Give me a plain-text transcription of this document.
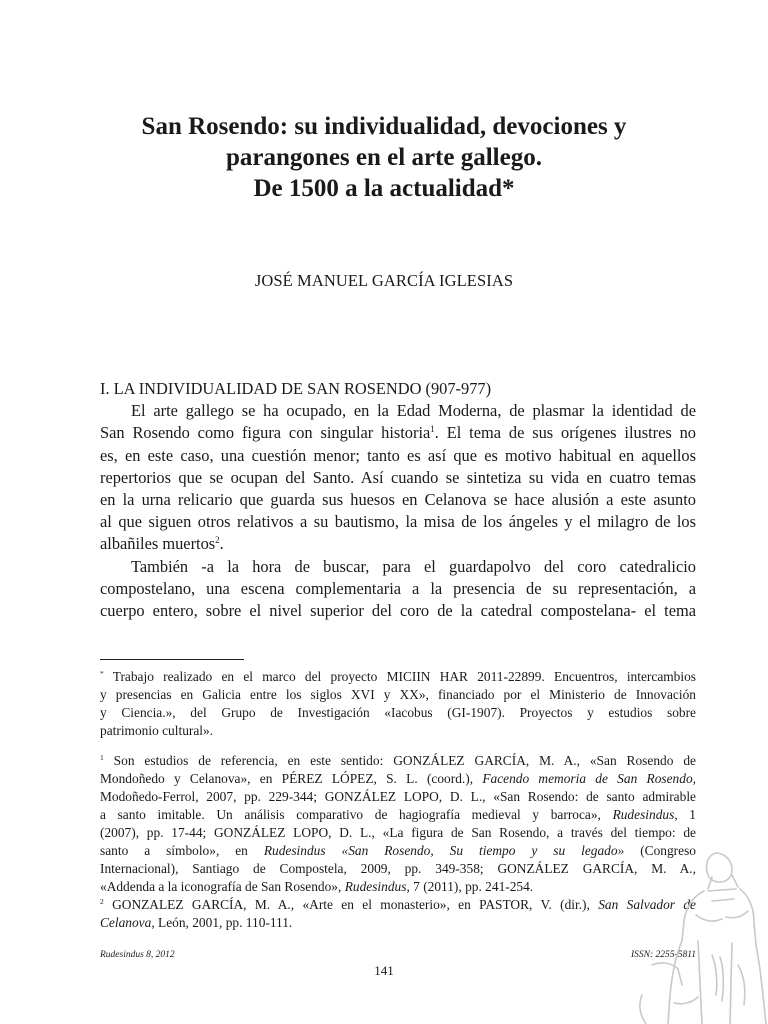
San Rosendo: su individualidad, devociones y
parangones en el arte gallego.
De 1500 a la actualidad*

JOSÉ MANUEL GARCÍA IGLESIAS

I. LA INDIVIDUALIDAD DE SAN ROSENDO (907-977)

El arte gallego se ha ocupado, en la Edad Moderna, de plasmar la identidad de
San Rosendo como figura con singular historia$^1$. El tema de sus orígenes ilustres no
es, en este caso, una cuestión menor; tanto es así que es motivo habitual en aquellos
repertorios que se ocupan del Santo. Así cuando se sintetiza su vida en cuatro temas
en la urna relicario que guarda sus huesos en Celanova se hace alusión a este asunto
al que siguen otros relativos a su bautismo, la misa de los ángeles y el milagro de los
albañiles muertos$^2$.

También -a la hora de buscar, para el guardapolvo del coro catedralicio
compostelano, una escena complementaria a la presencia de su representación, a
cuerpo entero, sobre el nivel superior del coro de la catedral compostelana- el tema

* Trabajo realizado en el marco del proyecto MICIIN HAR 2011-22899. Encuentros, intercambios
y presencias en Galicia entre los siglos XVI y XX», financiado por el Ministerio de Innovación
y Ciencia.», del Grupo de Investigación «Iacobus (GI-1907). Proyectos y estudios sobre
patrimonio cultural».
$^1$ Son estudios de referencia, en este sentido: GONZÁLEZ GARCÍA, M. A., «San Rosendo de
Mondoñedo y Celanova», en PÉREZ LÓPEZ, S. L. (coord.), Facendo memoria de San Rosendo,
Modoñedo-Ferrol, 2007, pp. 229-344; GONZÁLEZ LOPO, D. L., «San Rosendo: de santo admirable
a santo imitable. Un análisis comparativo de hagiografía medieval y barroca», Rudesindus, 1
(2007), pp. 17-44; GONZÁLEZ LOPO, D. L., «La figura de San Rosendo, a través del tiempo: de
santo a símbolo», en Rudesindus «San Rosendo, Su tiempo y su legado» (Congreso
Internacional), Santiago de Compostela, 2009, pp. 349-358; GONZÁLEZ GARCÍA, M. A.,
«Addenda a la iconografía de San Rosendo», Rudesindus, 7 (2011), pp. 241-254.
$^2$ GONZALEZ GARCÍA, M. A., «Arte en el monasterio», en PASTOR, V. (dir.), San Salvador de
Celanova, León, 2001, pp. 110-111.

Rudesindus 8, 2012	ISSN: 2255-5811

141
